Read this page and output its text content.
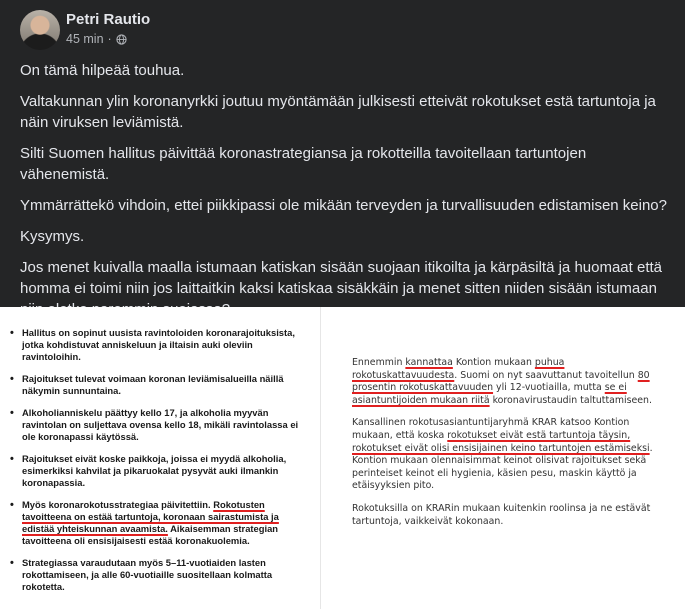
Petri Rautio
45 min ·

On tämä hilpeää touhua.

Valtakunnan ylin koronanyrkki joutuu myöntämään julkisesti etteivät rokotukset estä tartuntoja ja näin viruksen leviämistä.

Silti Suomen hallitus päivittää koronastrategiansa ja rokotteilla tavoitellaan tartuntojen vähenemistä.

Ymmärrättekö vihdoin, ettei piikkipassi ole mikään terveyden ja turvallisuuden edistamisen keino?

Kysymys.

Jos menet kuivalla maalla istumaan katiskan sisään suojaan itikoilta ja kärpäsiltä ja huomaat että homma ei toimi niin jos laittaitkin kaksi katiskaa sisäkkäin ja menet sitten niiden sisään istumaan

• Hallitus on sopinut uusista ravintoloiden koronarajoituksista, jotka kohdistuvat anniskeluun ja iltaisin auki oleviin ravintoloihin.
• Rajoitukset tulevat voimaan koronan leviämisalueilla näillä näkymin sunnuntaina.
• Alkoholianniskelu päättyy kello 17, ja alkoholia myyvän ravintolan on suljettava ovensa kello 18, mikäli ravintolassa ei ole koronapassi käytössä.
• Rajoitukset eivät koske paikkoja, joissa ei myydä alkoholia, esimerkiksi kahvilat ja pikaruokalat pysyvät auki ilmankin koronapassia.
• Myös koronarokotusstrategiaa päivitettiin. Rokotusten tavoitteena on estää tartuntoja, koronaan sairastumista ja edistää yhteiskunnan avaamista. Aikaisemman strategian tavoitteena oli ensisijaisesti estää koronakuolemia.
• Strategiassa varaudutaan myös 5–11-vuotiaiden lasten rokottamiseen, ja alle 60-vuotiaille suositellaan kolmatta rokotetta.

Ennemmin kannattaa Kontion mukaan puhua rokotuskattavuudesta. Suomi on nyt saavuttanut tavoitellun 80 prosentin rokotuskattavuuden yli 12-vuotiailla, mutta se ei asiantuntijoiden mukaan riitä koronavirustaudin taltuttamiseen.

Kansallinen rokotusasiantuntijaryhmä KRAR katsoo Kontion mukaan, että koska rokotukset eivät estä tartuntoja täysin, rokotukset eivät olisi ensisijainen keino tartuntojen estämiseksi. Kontion mukaan olennaisimmat keinot olisivat rajoitukset sekä perinteiset keinot eli hygienia, käsien pesu, maskin käyttö ja etäisyyksien pito.

Rokotuksilla on KRARin mukaan kuitenkin roolinsa ja ne estävät tartuntoja, vaikkeivät kokonaan.
